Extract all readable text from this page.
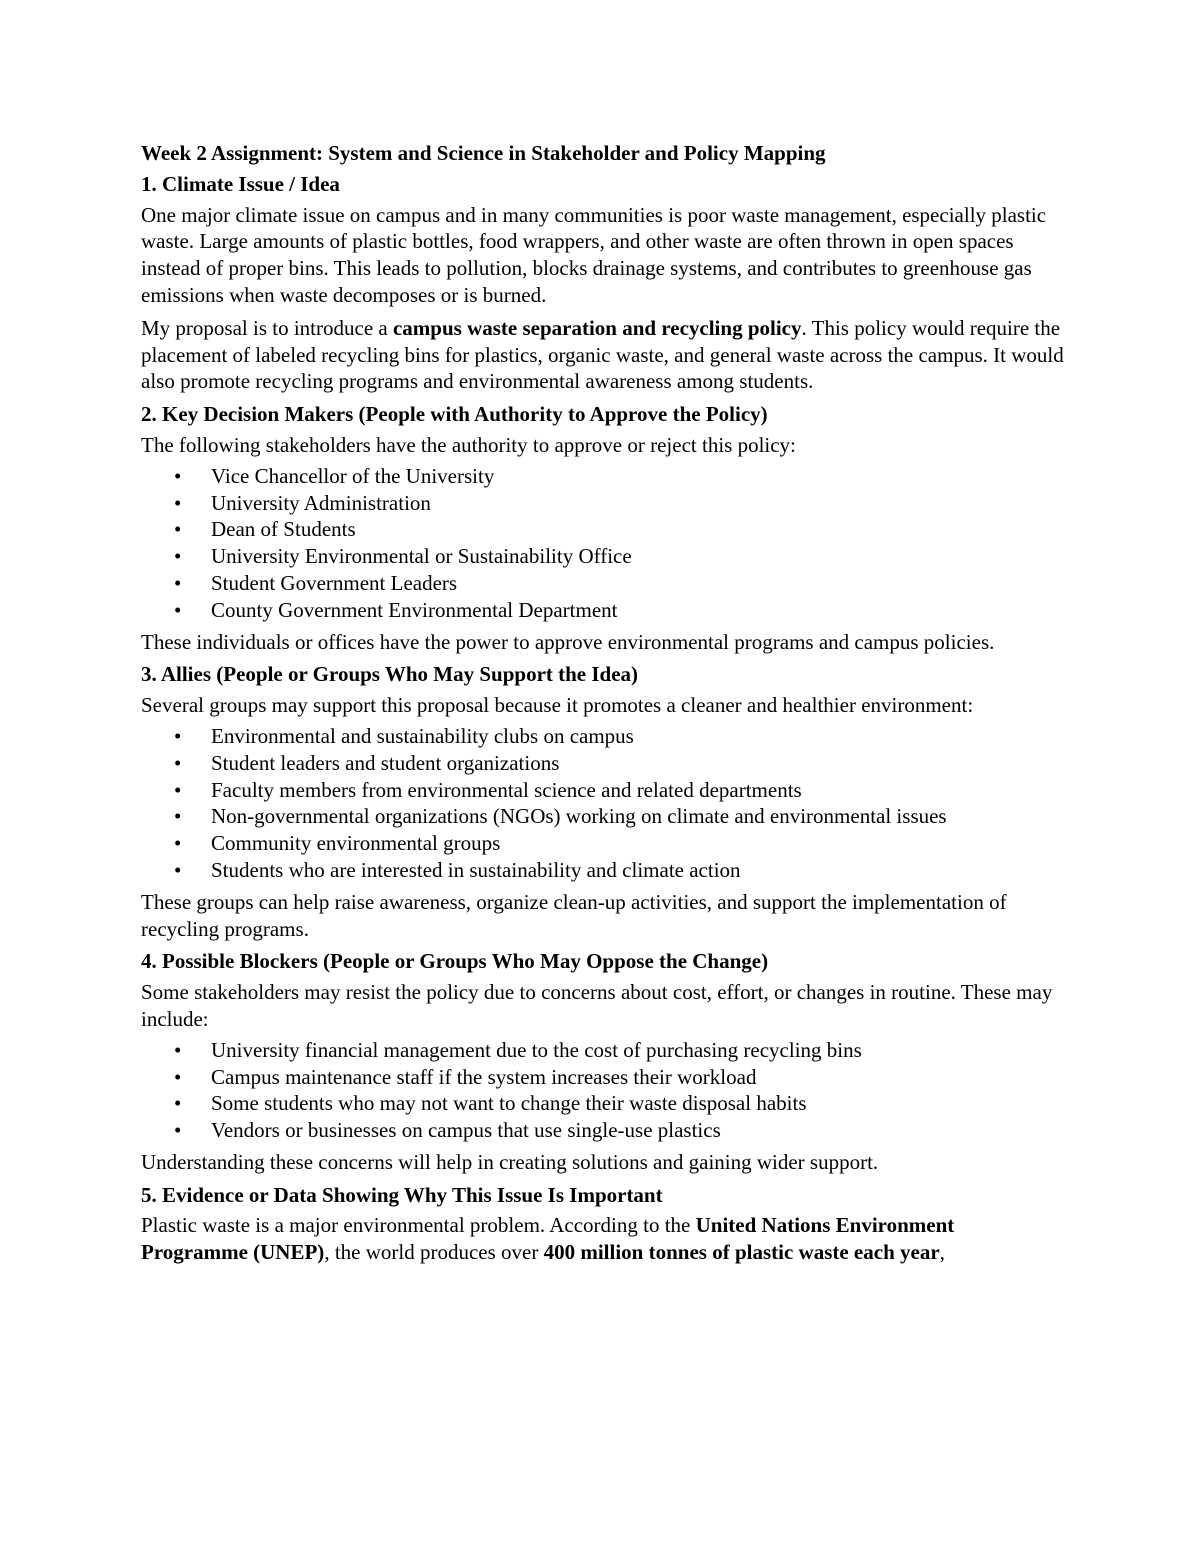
Week 2 Assignment: System and Science in Stakeholder and Policy Mapping
1. Climate Issue / Idea

One major climate issue on campus and in many communities is poor waste management, especially plastic waste. Large amounts of plastic bottles, food wrappers, and other waste are often thrown in open spaces instead of proper bins. This leads to pollution, blocks drainage systems, and contributes to greenhouse gas emissions when waste decomposes or is burned.

My proposal is to introduce a campus waste separation and recycling policy. This policy would require the placement of labeled recycling bins for plastics, organic waste, and general waste across the campus. It would also promote recycling programs and environmental awareness among students.

2. Key Decision Makers (People with Authority to Approve the Policy)

The following stakeholders have the authority to approve or reject this policy:

• Vice Chancellor of the University
• University Administration
• Dean of Students
• University Environmental or Sustainability Office
• Student Government Leaders
• County Government Environmental Department

These individuals or offices have the power to approve environmental programs and campus policies.

3. Allies (People or Groups Who May Support the Idea)

Several groups may support this proposal because it promotes a cleaner and healthier environment:

• Environmental and sustainability clubs on campus
• Student leaders and student organizations
• Faculty members from environmental science and related departments
• Non-governmental organizations (NGOs) working on climate and environmental issues
• Community environmental groups
• Students who are interested in sustainability and climate action

These groups can help raise awareness, organize clean-up activities, and support the implementation of recycling programs.

4. Possible Blockers (People or Groups Who May Oppose the Change)

Some stakeholders may resist the policy due to concerns about cost, effort, or changes in routine. These may include:

• University financial management due to the cost of purchasing recycling bins
• Campus maintenance staff if the system increases their workload
• Some students who may not want to change their waste disposal habits
• Vendors or businesses on campus that use single-use plastics

Understanding these concerns will help in creating solutions and gaining wider support.

5. Evidence or Data Showing Why This Issue Is Important

Plastic waste is a major environmental problem. According to the United Nations Environment Programme (UNEP), the world produces over 400 million tonnes of plastic waste each year,
